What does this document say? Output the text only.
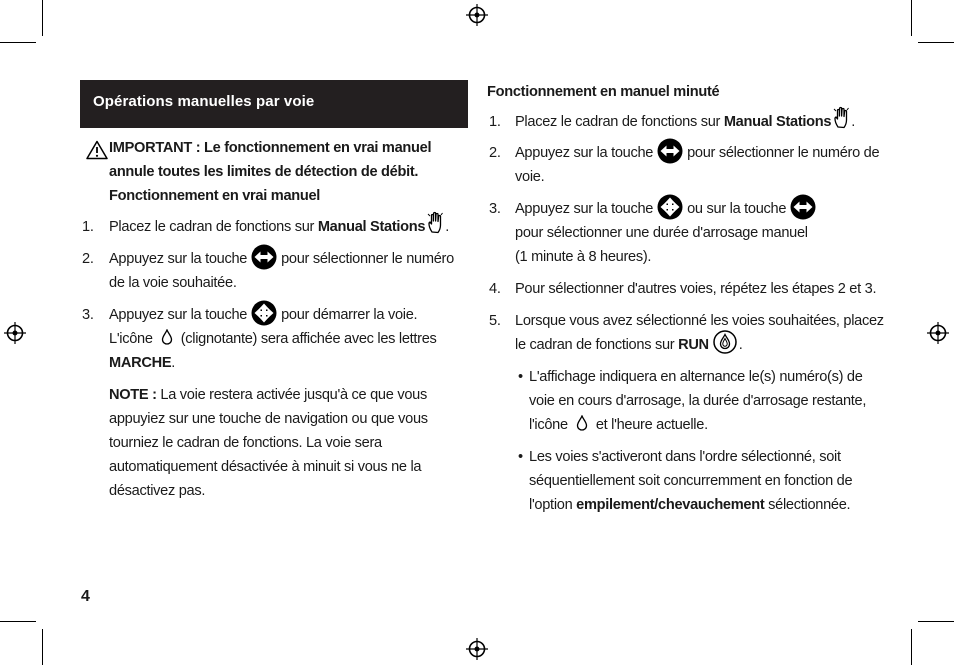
Opérations manuelles par voie
IMPORTANT : Le fonctionnement en vrai manuel annule toutes les limites de détection de débit.
Fonctionnement en vrai manuel
1. Placez le cadran de fonctions sur Manual Stations .
2. Appuyez sur la touche pour sélectionner le numéro de la voie souhaitée.
3. Appuyez sur la touche pour démarrer la voie.
L'icône (clignotante) sera affichée avec les lettres
MARCHE.
NOTE : La voie restera activée jusqu'à ce que vous appuyiez sur une touche de navigation ou que vous tourniez le cadran de fonctions. La voie sera automatiquement désactivée à minuit si vous ne la désactivez pas.
Fonctionnement en manuel minuté
1. Placez le cadran de fonctions sur Manual Stations .
2. Appuyez sur la touche pour sélectionner le numéro de voie.
3. Appuyez sur la touche ou sur la touche
pour sélectionner une durée d'arrosage manuel
(1 minute à 8 heures).
4. Pour sélectionner d'autres voies, répétez les étapes 2 et 3.
5. Lorsque vous avez sélectionné les voies souhaitées, placez le cadran de fonctions sur RUN .
• L'affichage indiquera en alternance le(s) numéro(s) de voie en cours d'arrosage, la durée d'arrosage restante, l'icône et l'heure actuelle.
• Les voies s'activeront dans l'ordre sélectionné, soit séquentiellement soit concurremment en fonction de l'option empilement/chevauchement sélectionnée.
4
